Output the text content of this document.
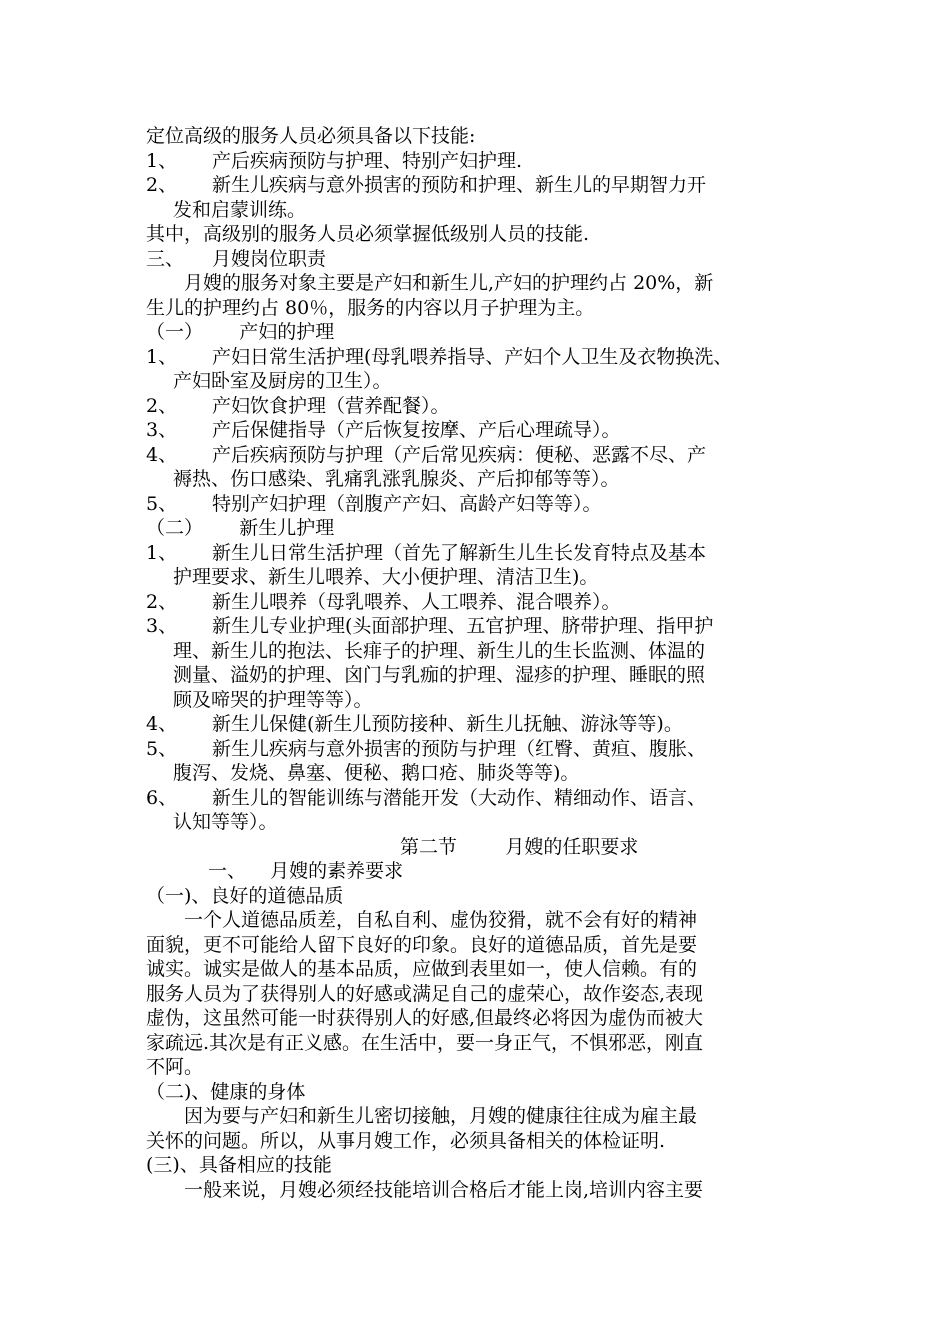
定位高级的服务人员必须具备以下技能:
1、 产后疾病预防与护理、特别产妇护理.
2、 新生儿疾病与意外损害的预防和护理、新生儿的早期智力开
发和启蒙训练。
其中，高级别的服务人员必须掌握低级别人员的技能.
三、 月嫂岗位职责
月嫂的服务对象主要是产妇和新生儿,产妇的护理约占 20%，新
生儿的护理约占 80％，服务的内容以月子护理为主。
（一）      产妇的护理
1、 产妇日常生活护理(母乳喂养指导、产妇个人卫生及衣物换洗、
产妇卧室及厨房的卫生）。
2、 产妇饮食护理（营养配餐）。
3、 产后保健指导（产后恢复按摩、产后心理疏导）。
4、 产后疾病预防与护理（产后常见疾病：便秘、恶露不尽、产
褥热、伤口感染、乳痛乳涨乳腺炎、产后抑郁等等）。
5、 特别产妇护理（剖腹产产妇、高龄产妇等等）。
（二）      新生儿护理
1、 新生儿日常生活护理（首先了解新生儿生长发育特点及基本
护理要求、新生儿喂养、大小便护理、清洁卫生)。
2、 新生儿喂养（母乳喂养、人工喂养、混合喂养）。
3、 新生儿专业护理(头面部护理、五官护理、脐带护理、指甲护
理、新生儿的抱法、长痱子的护理、新生儿的生长监测、体温的
测量、溢奶的护理、囟门与乳痂的护理、湿疹的护理、睡眠的照
顾及啼哭的护理等等）。
4、 新生儿保健(新生儿预防接种、新生儿抚触、游泳等等)。
5、 新生儿疾病与意外损害的预防与护理（红臀、黄疸、腹胀、
腹泻、发烧、鼻塞、便秘、鹅口疮、肺炎等等)。
6、 新生儿的智能训练与潜能开发（大动作、精细动作、语言、
认知等等）。
第二节        月嫂的任职要求
一、    月嫂的素养要求
（一)、良好的道德品质
一个人道德品质差，自私自利、虚伪狡猾，就不会有好的精神
面貌，更不可能给人留下良好的印象。良好的道德品质，首先是要
诚实。诚实是做人的基本品质，应做到表里如一，使人信赖。有的
服务人员为了获得别人的好感或满足自己的虚荣心，故作姿态,表现
虚伪，这虽然可能一时获得别人的好感,但最终必将因为虚伪而被大
家疏远.其次是有正义感。在生活中，要一身正气，不惧邪恶，刚直
不阿。
（二)、健康的身体
因为要与产妇和新生儿密切接触，月嫂的健康往往成为雇主最
关怀的问题。所以，从事月嫂工作，必须具备相关的体检证明.
(三)、具备相应的技能
一般来说，月嫂必须经技能培训合格后才能上岗,培训内容主要
